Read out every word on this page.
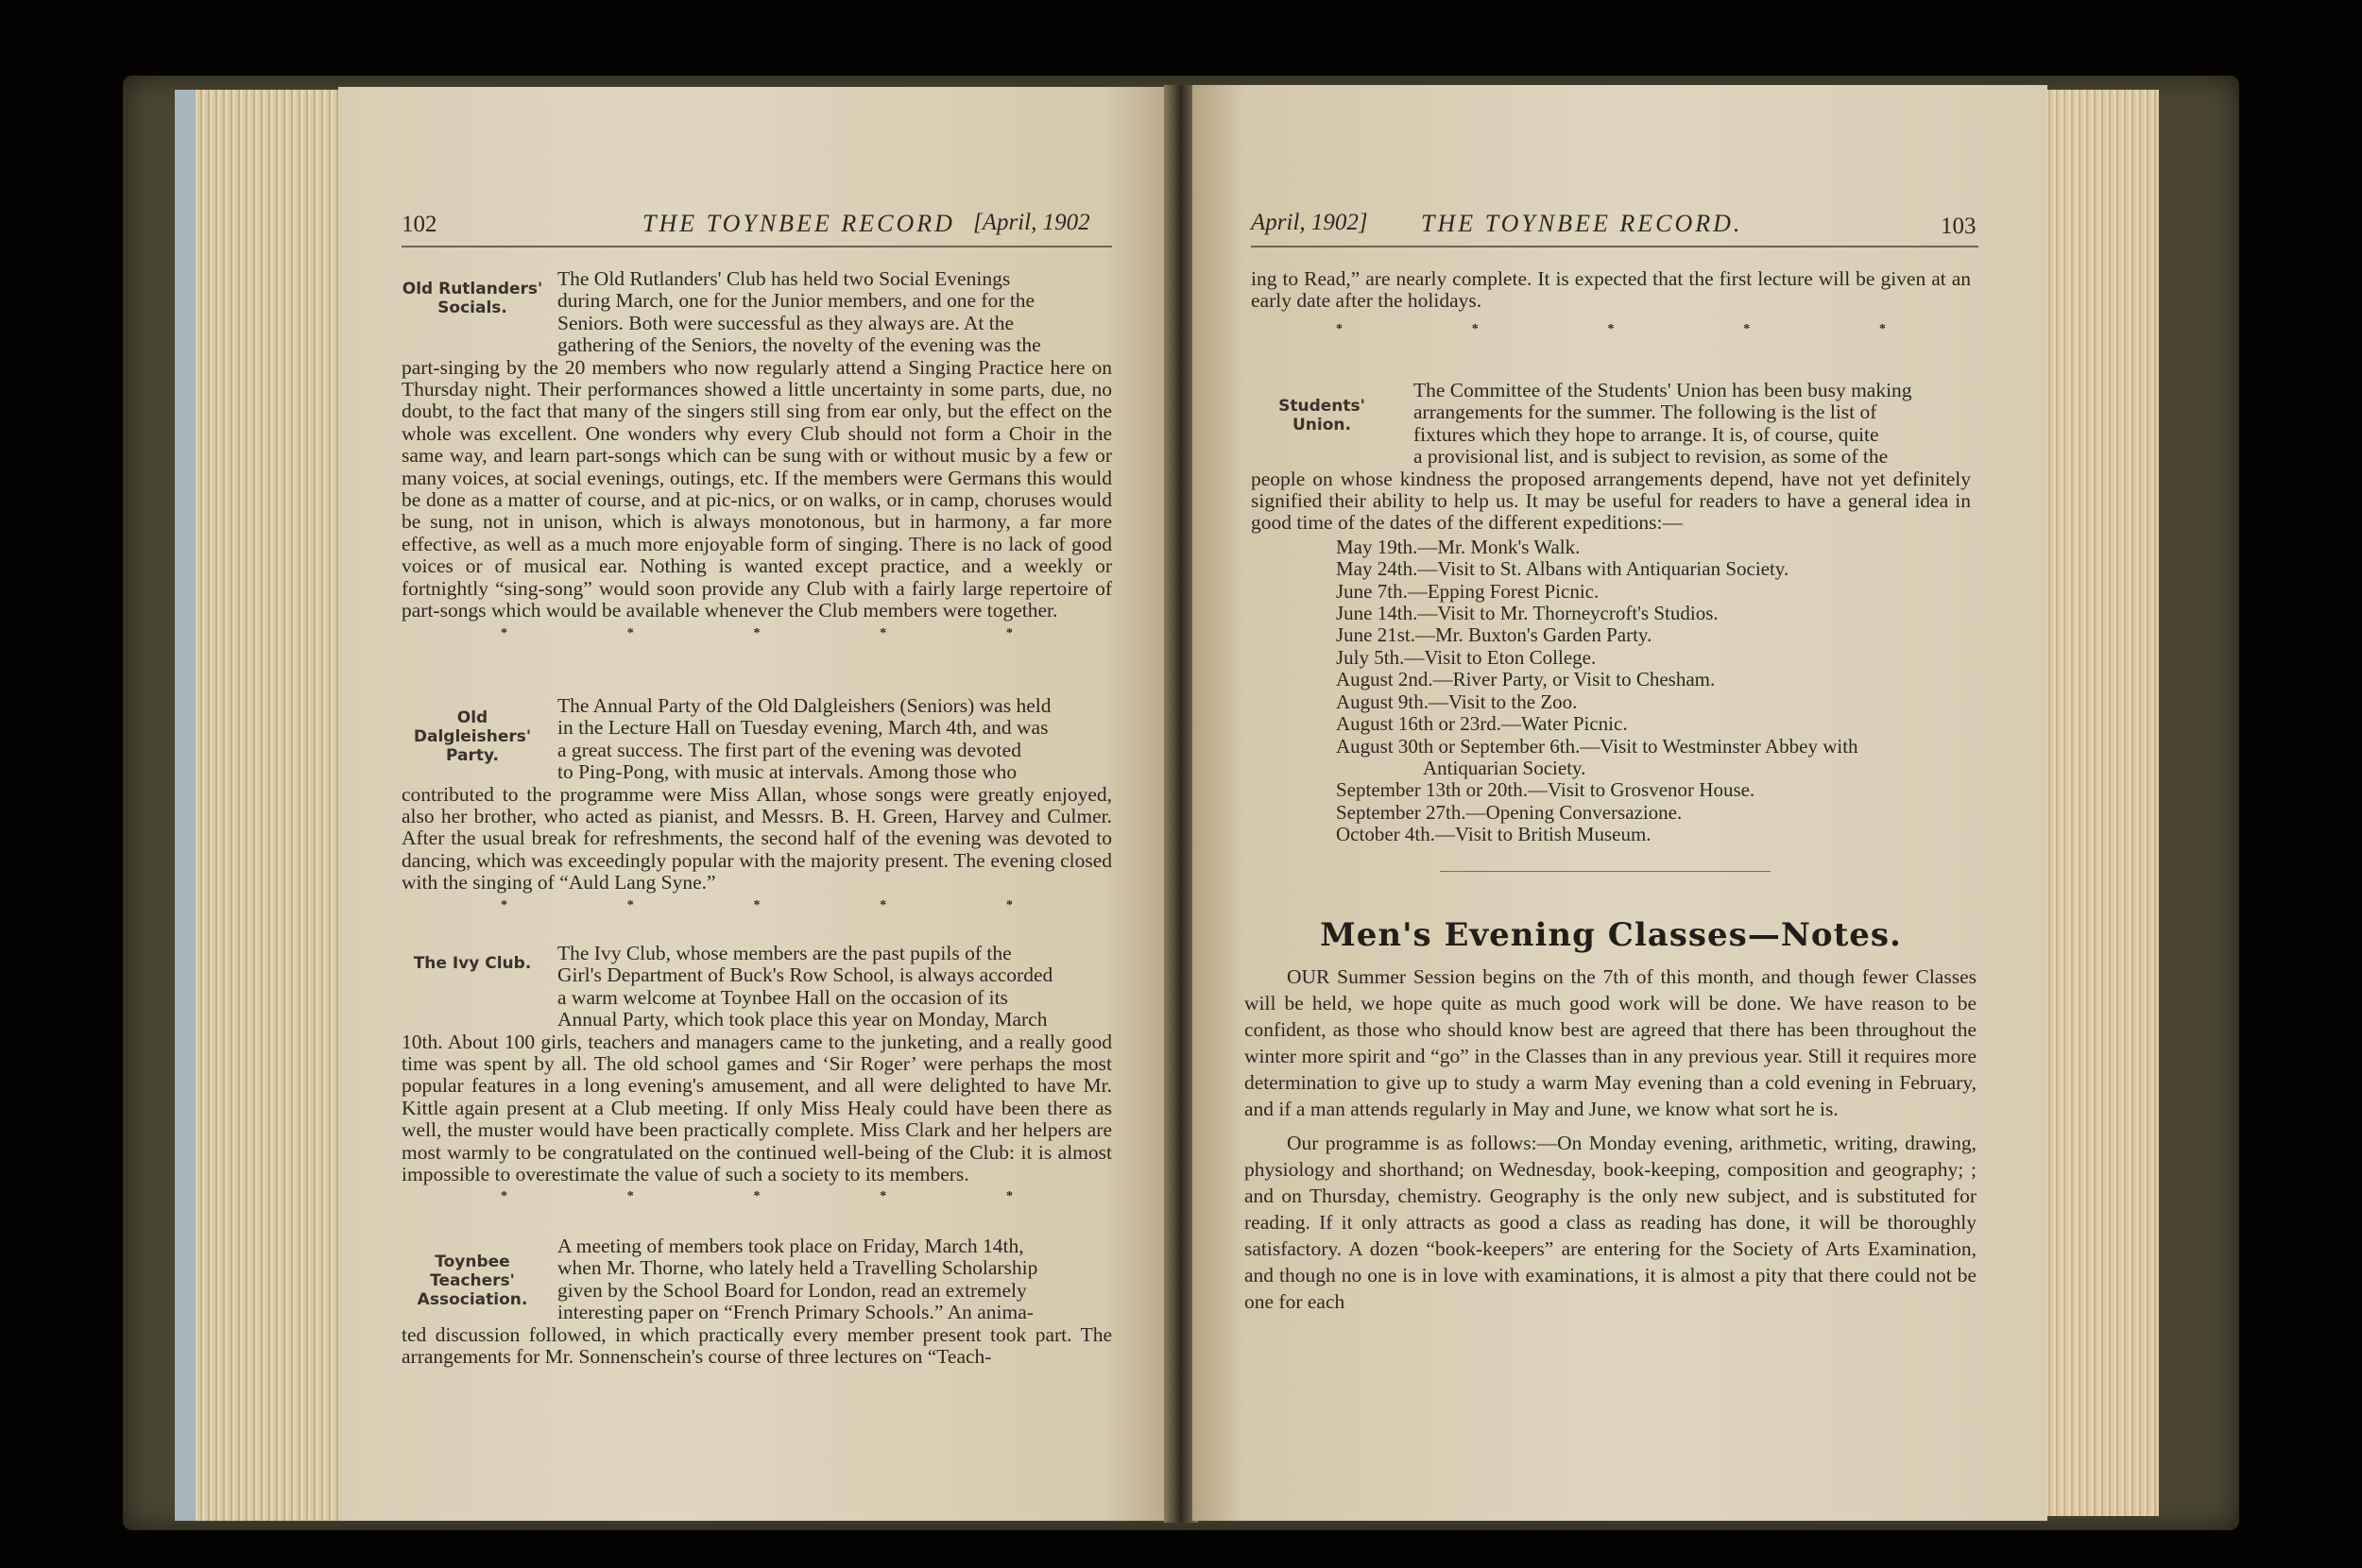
102	THE TOYNBEE RECORD [April, 1902
Old Rutlanders' Socials.

The Old Rutlanders' Club has held two Social Evenings

during March, one for the Junior members, and one for the

Seniors. Both were successful as they always are. At the

gathering of the Seniors, the novelty of the evening was the

part-singing by the 20 members who now regularly attend a Singing Practice here on Thursday night. Their performances showed a little uncertainty in some parts, due, no doubt, to the fact that many of the singers still sing from ear only, but the effect on the whole was excellent. One wonders why every Club should not form a Choir in the same way, and learn part-songs which can be sung with or without music by a few or many voices, at social evenings, outings, etc. If the members were Germans this would be done as a matter of course, and at pic-nics, or on walks, or in camp, choruses would be sung, not in unison, which is always monotonous, but in harmony, a far more effective, as well as a much more enjoyable form of singing. There is no lack of good voices or of musical ear. Nothing is wanted except practice, and a weekly or fortnightly “sing-song” would soon provide any Club with a fairly large repertoire of part-songs which would be available whenever the Club members were together.

*	*	*	*	*
Old Dalgleishers' Party.

The Annual Party of the Old Dalgleishers (Seniors) was held

in the Lecture Hall on Tuesday evening, March 4th, and was

a great success. The first part of the evening was devoted

to Ping-Pong, with music at intervals. Among those who

contributed to the programme were Miss Allan, whose songs were greatly enjoyed, also her brother, who acted as pianist, and Messrs. B. H. Green, Harvey and Culmer. After the usual break for refreshments, the second half of the evening was devoted to dancing, which was exceedingly popular with the majority present. The evening closed with the singing of “Auld Lang Syne.”

*	*	*	*	*
The Ivy Club.	The Ivy Club, whose members are the past pupils of the

Girl's Department of Buck's Row School, is always accorded

a warm welcome at Toynbee Hall on the occasion of its

Annual Party, which took place this year on Monday, March

10th. About 100 girls, teachers and managers came to the junketing, and a really good time was spent by all. The old school games and ‘Sir Roger’ were perhaps the most popular features in a long evening's amusement, and all were delighted to have Mr. Kittle again present at a Club meeting. If only Miss Healy could have been there as well, the muster would have been practically complete. Miss Clark and her helpers are most warmly to be congratulated on the continued well-being of the Club: it is almost impossible to overestimate the value of such a society to its members.

*	*	*	*	*
Toynbee Teachers' Association.

A meeting of members took place on Friday, March 14th,

when Mr. Thorne, who lately held a Travelling Scholarship

given by the School Board for London, read an extremely

interesting paper on “French Primary Schools.” An anima-

ted discussion followed, in which practically every member present took part. The arrangements for Mr. Sonnenschein's course of three lectures on “Teach-

April, 1902] THE TOYNBEE RECORD.	103
ing to Read,” are nearly complete. It is expected that the first lecture will be given at an early date after the holidays.
*	*	*	*	*
Students' Union.

The Committee of the Students' Union has been busy making

arrangements for the summer. The following is the list of

fixtures which they hope to arrange. It is, of course, quite

a provisional list, and is subject to revision, as some of the

people on whose kindness the proposed arrangements depend, have not yet definitely signified their ability to help us. It may be useful for readers to have a general idea in good time of the dates of the different expeditions:—

May 19th.—Mr. Monk's Walk.
May 24th.—Visit to St. Albans with Antiquarian Society.
June 7th.—Epping Forest Picnic.
June 14th.—Visit to Mr. Thorneycroft's Studios.
June 21st.—Mr. Buxton's Garden Party.
July 5th.—Visit to Eton College.
August 2nd.—River Party, or Visit to Chesham.
August 9th.—Visit to the Zoo.
August 16th or 23rd.—Water Picnic.
August 30th or September 6th.—Visit to Westminster Abbey with
Antiquarian Society.
September 13th or 20th.—Visit to Grosvenor House.
September 27th.—Opening Conversazione.
October 4th.—Visit to British Museum.
Men's Evening Classes—Notes.

OUR Summer Session begins on the 7th of this month, and though fewer Classes will be held, we hope quite as much good work will be done. We have reason to be confident, as those who should know best are agreed that there has been throughout the winter more spirit and “go” in the Classes than in any previous year. Still it requires more determination to give up to study a warm May evening than a cold evening in February, and if a man attends regularly in May and June, we know what sort he is.

Our programme is as follows:—On Monday evening, arithmetic, writing, drawing, physiology and shorthand; on Wednesday, book-keeping, composition and geography; ; and on Thursday, chemistry. Geography is the only new subject, and is substituted for reading. If it only attracts as good a class as reading has done, it will be thoroughly satisfactory. A dozen “book-keepers” are entering for the Society of Arts Examination, and though no one is in love with examinations, it is almost a pity that there could not be one for each
